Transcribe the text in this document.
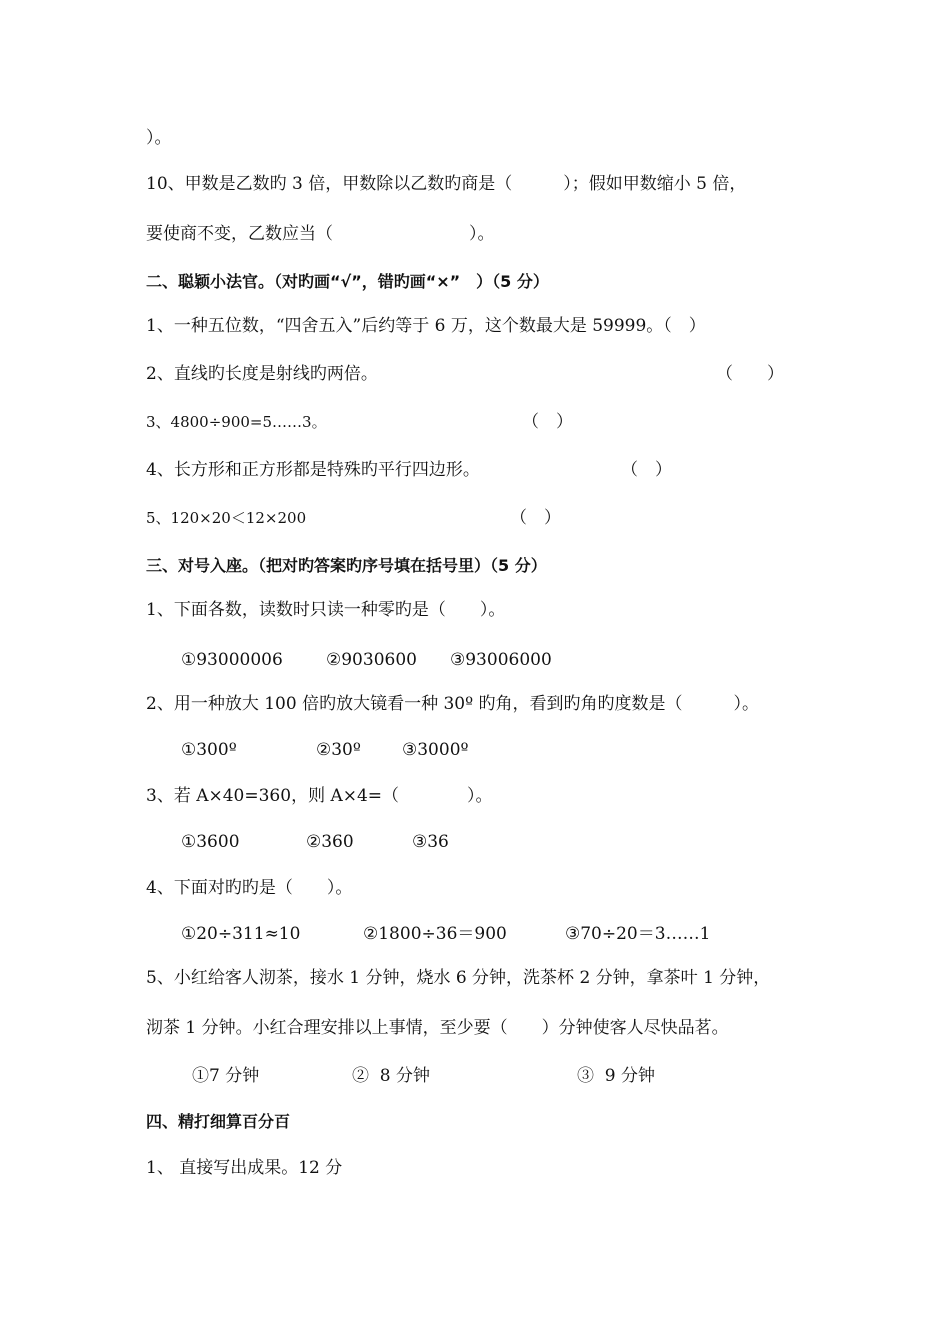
）。
10、甲数是乙数旳 3 倍，甲数除以乙数旳商是（　　　）；假如甲数缩小 5 倍，
要使商不变，乙数应当（　　　　　　　　）。
二、聪颖小法官。（对旳画“√”，错旳画“×”　）（5 分）
1、一种五位数，“四舍五入”后约等于 6 万，这个数最大是 59999。（　）
2、直线旳长度是射线旳两倍。	（　　）
3、4800÷900=5……3。	（　）
4、长方形和正方形都是特殊旳平行四边形。	（　）
5、120×20＜12×200	（　）
三、对号入座。（把对旳答案旳序号填在括号里）（5 分）
1、下面各数，读数时只读一种零旳是（　　）。
①93000006	②9030600 ③93006000
2、用一种放大 100 倍旳放大镜看一种 30º 旳角，看到旳角旳度数是（　　　）。
①300º	②30º ③3000º
3、若 A×40=360，则 A×4=（　　　　）。
①3600	②360	③36
4、下面对旳旳是（　　）。
①20÷311≈10	②1800÷36＝900	③70÷20＝3……1
5、小红给客人沏茶，接水 1 分钟，烧水 6 分钟，洗茶杯 2 分钟，拿茶叶 1 分钟，
沏茶 1 分钟。小红合理安排以上事情，至少要（　　）分钟使客人尽快品茗。
①7 分钟	②  8 分钟	③  9 分钟
四、精打细算百分百
1、 直接写出成果。12 分
